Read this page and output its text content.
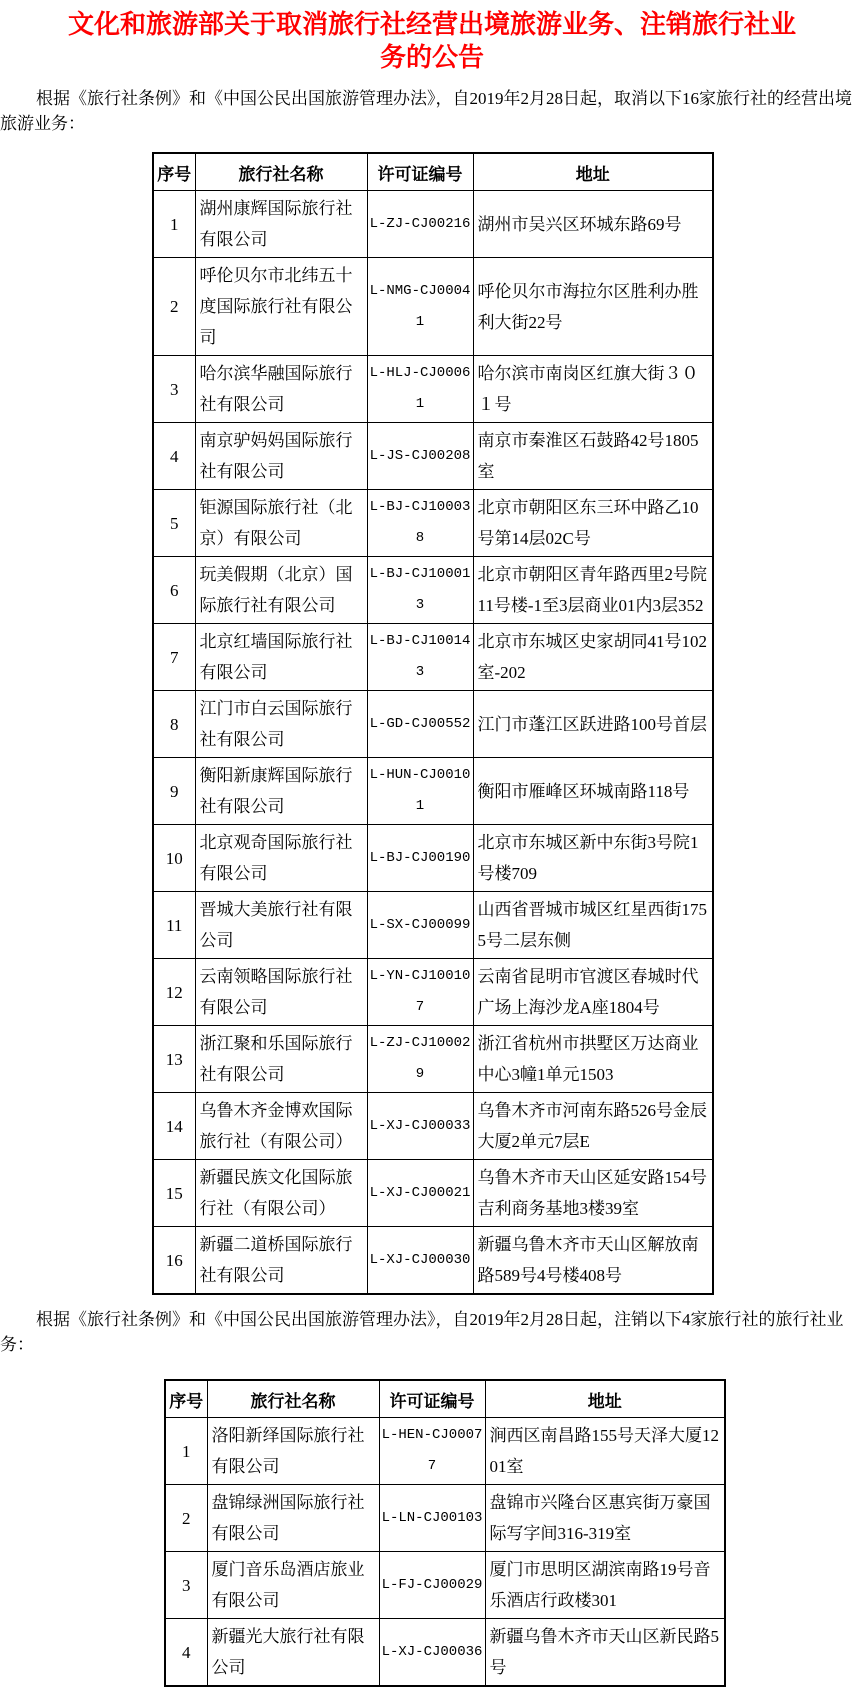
文化和旅游部关于取消旅行社经营出境旅游业务、注销旅行社业务的公告

根据《旅行社条例》和《中国公民出国旅游管理办法》，自2019年2月28日起，取消以下16家旅行社的经营出境旅游业务：

序号	旅行社名称	许可证编号	地址
1	湖州康辉国际旅行社有限公司	L-ZJ-CJ00216	湖州市吴兴区环城东路69号
2	呼伦贝尔市北纬五十度国际旅行社有限公司	L-NMG-CJ00041	呼伦贝尔市海拉尔区胜利办胜利大街22号
3	哈尔滨华融国际旅行社有限公司	L-HLJ-CJ00061	哈尔滨市南岗区红旗大街３０１号
4	南京驴妈妈国际旅行社有限公司	L-JS-CJ00208	南京市秦淮区石鼓路42号1805室
5	钜源国际旅行社（北京）有限公司	L-BJ-CJ100038	北京市朝阳区东三环中路乙10号第14层02C号
6	玩美假期（北京）国际旅行社有限公司	L-BJ-CJ100013	北京市朝阳区青年路西里2号院11号楼-1至3层商业01内3层352
7	北京红墙国际旅行社有限公司	L-BJ-CJ100143	北京市东城区史家胡同41号102室-202
8	江门市白云国际旅行社有限公司	L-GD-CJ00552	江门市蓬江区跃进路100号首层
9	衡阳新康辉国际旅行社有限公司	L-HUN-CJ00101	衡阳市雁峰区环城南路118号
10	北京观奇国际旅行社有限公司	L-BJ-CJ00190	北京市东城区新中东街3号院1号楼709
11	晋城大美旅行社有限公司	L-SX-CJ00099	山西省晋城市城区红星西街1755号二层东侧
12	云南领略国际旅行社有限公司	L-YN-CJ100107	云南省昆明市官渡区春城时代广场上海沙龙A座1804号
13	浙江聚和乐国际旅行社有限公司	L-ZJ-CJ100029	浙江省杭州市拱墅区万达商业中心3幢1单元1503
14	乌鲁木齐金博欢国际旅行社（有限公司）	L-XJ-CJ00033	乌鲁木齐市河南东路526号金辰大厦2单元7层E
15	新疆民族文化国际旅行社（有限公司）	L-XJ-CJ00021	乌鲁木齐市天山区延安路154号吉利商务基地3楼39室
16	新疆二道桥国际旅行社有限公司	L-XJ-CJ00030	新疆乌鲁木齐市天山区解放南路589号4号楼408号

根据《旅行社条例》和《中国公民出国旅游管理办法》，自2019年2月28日起，注销以下4家旅行社的旅行社业务：

序号	旅行社名称	许可证编号	地址
1	洛阳新绎国际旅行社有限公司	L-HEN-CJ00077	涧西区南昌路155号天泽大厦1201室
2	盘锦绿洲国际旅行社有限公司	L-LN-CJ00103	盘锦市兴隆台区惠宾街万豪国际写字间316-319室
3	厦门音乐岛酒店旅业有限公司	L-FJ-CJ00029	厦门市思明区湖滨南路19号音乐酒店行政楼301
4	新疆光大旅行社有限公司	L-XJ-CJ00036	新疆乌鲁木齐市天山区新民路5号
